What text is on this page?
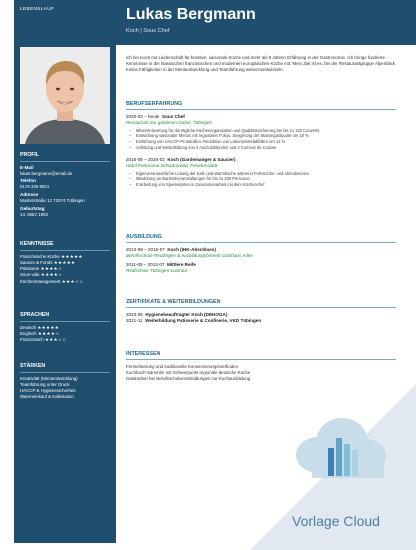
LEBENSLAUF
PROFIL
E-Mail
lukas.bergmann@email.de
Telefon
0176 345 8821
Adresse
Musterstraße 12 72074 Tübingen
Geburtstag
14. März 1992
KENNTNISSE
Französische Küche ★★★★★
Saucen & Fonds ★★★★★
Patisserie ★★★★☆
Sous-vide ★★★★☆
Küchenmanagement ★★★☆☆
SPRACHEN
Deutsch ★★★★★
Englisch ★★★★☆
Französisch ★★★☆☆
STÄRKEN
Kreativität (Menüentwicklung)
Teamführung unter Druck
HACCP & Hygienesicherheit
Wareneinkauf & Kalkulation
Lukas Bergmann
Koch | Sous Chef
Ich bin Koch mit Leidenschaft für kreative, saisonale Küche und mehr als 8 Jahren Erfahrung in der Gastronomie. Ich bringe fundierte Kenntnisse in der klassischen französischen und modernen europäischen Küche mit. Mein Ziel ist es, bei der Restaurantgruppe Alpenblick meine Fähigkeiten in der Menüentwicklung und Teamführung weiterzuentwickeln.
BERUFSERFAHRUNG
2020-03 – heute Sous Chef
Restaurant Zur goldenen Gabel, Tübingen
– Mitverantwortung für die tägliche Küchenorganisation und Qualitätssicherung bei bis zu 120 Couverts
– Entwicklung saisonaler Menüs mit regionalen Fokus, Steigerung der Stammgastquote um 18 %
– Einführung von HACCP-Protokollen, Reduktion von Lebensmittelabfällen um 12 %
– Anleitung und Weiterbildung von 4 Auszubildenden und 2 Commis de Cuisine
2016-08 – 2020-02 Koch (Gardemanger & Saucier)
Hotel Panorama Schwarzwald, Freudenstadt
– Eigenverantwortliche Leitung der Kalt- und Warmküche während Frühstücks- und Abendservice
– Mitwirkung an Bankettveranstaltungen für bis zu 300 Personen
– Erarbeitung von Speisekarten in Zusammenarbeit mit dem Küchenchef
AUSBILDUNG
2013-09 – 2016-07 Koch (IHK-Abschluss)
Berufsschule Reutlingen & Ausbildungsbetrieb Gasthaus Adler
2011-09 – 2013-07 Mittlere Reife
Realschule Tübingen-Lustnau
ZERTIFIKATE & WEITERBILDUNGEN
2023-05 Hygienebeauftragter Koch (DEHOGA)
2021-11 Weiterbildung Patisserie & Confiserie, VKD Tübingen
INTERESSEN
Fermentierung und traditionelle Konservierungsmethoden
Kochbuch-Sammler mit Schwerpunkt regionale deutsche Küche
Gastredner bei Berufsschulveranstaltungen zur Kochausbildung
Vorlage Cloud
